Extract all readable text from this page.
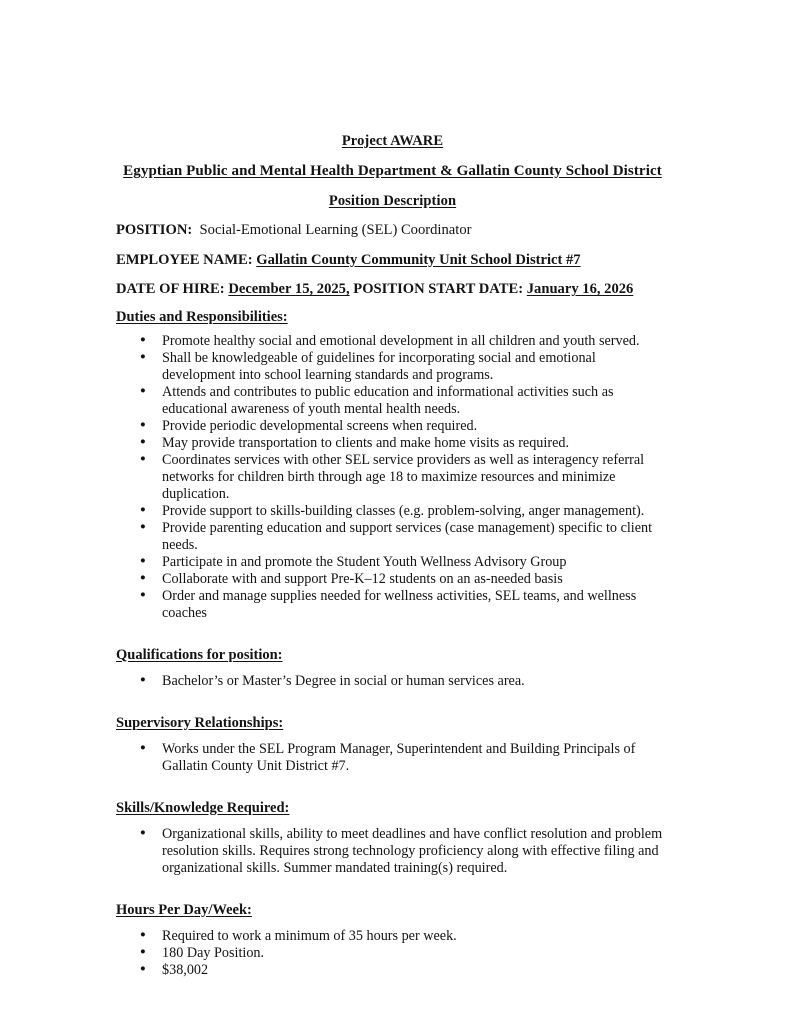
Project AWARE

Egyptian Public and Mental Health Department & Gallatin County School District

Position Description

POSITION: Social-Emotional Learning (SEL) Coordinator

EMPLOYEE NAME: Gallatin County Community Unit School District #7

DATE OF HIRE: December 15, 2025, POSITION START DATE: January 16, 2026

Duties and Responsibilities:

● Promote healthy social and emotional development in all children and youth served.
● Shall be knowledgeable of guidelines for incorporating social and emotional development into school learning standards and programs.
● Attends and contributes to public education and informational activities such as educational awareness of youth mental health needs.
● Provide periodic developmental screens when required.
● May provide transportation to clients and make home visits as required.
● Coordinates services with other SEL service providers as well as interagency referral networks for children birth through age 18 to maximize resources and minimize duplication.
● Provide support to skills-building classes (e.g. problem-solving, anger management).
● Provide parenting education and support services (case management) specific to client needs.
● Participate in and promote the Student Youth Wellness Advisory Group
● Collaborate with and support Pre-K–12 students on an as-needed basis
● Order and manage supplies needed for wellness activities, SEL teams, and wellness coaches

Qualifications for position:

● Bachelor’s or Master’s Degree in social or human services area.

Supervisory Relationships:

● Works under the SEL Program Manager, Superintendent and Building Principals of Gallatin County Unit District #7.

Skills/Knowledge Required:

● Organizational skills, ability to meet deadlines and have conflict resolution and problem resolution skills. Requires strong technology proficiency along with effective filing and organizational skills. Summer mandated training(s) required.

Hours Per Day/Week:

● Required to work a minimum of 35 hours per week.
● 180 Day Position.
● $38,002
